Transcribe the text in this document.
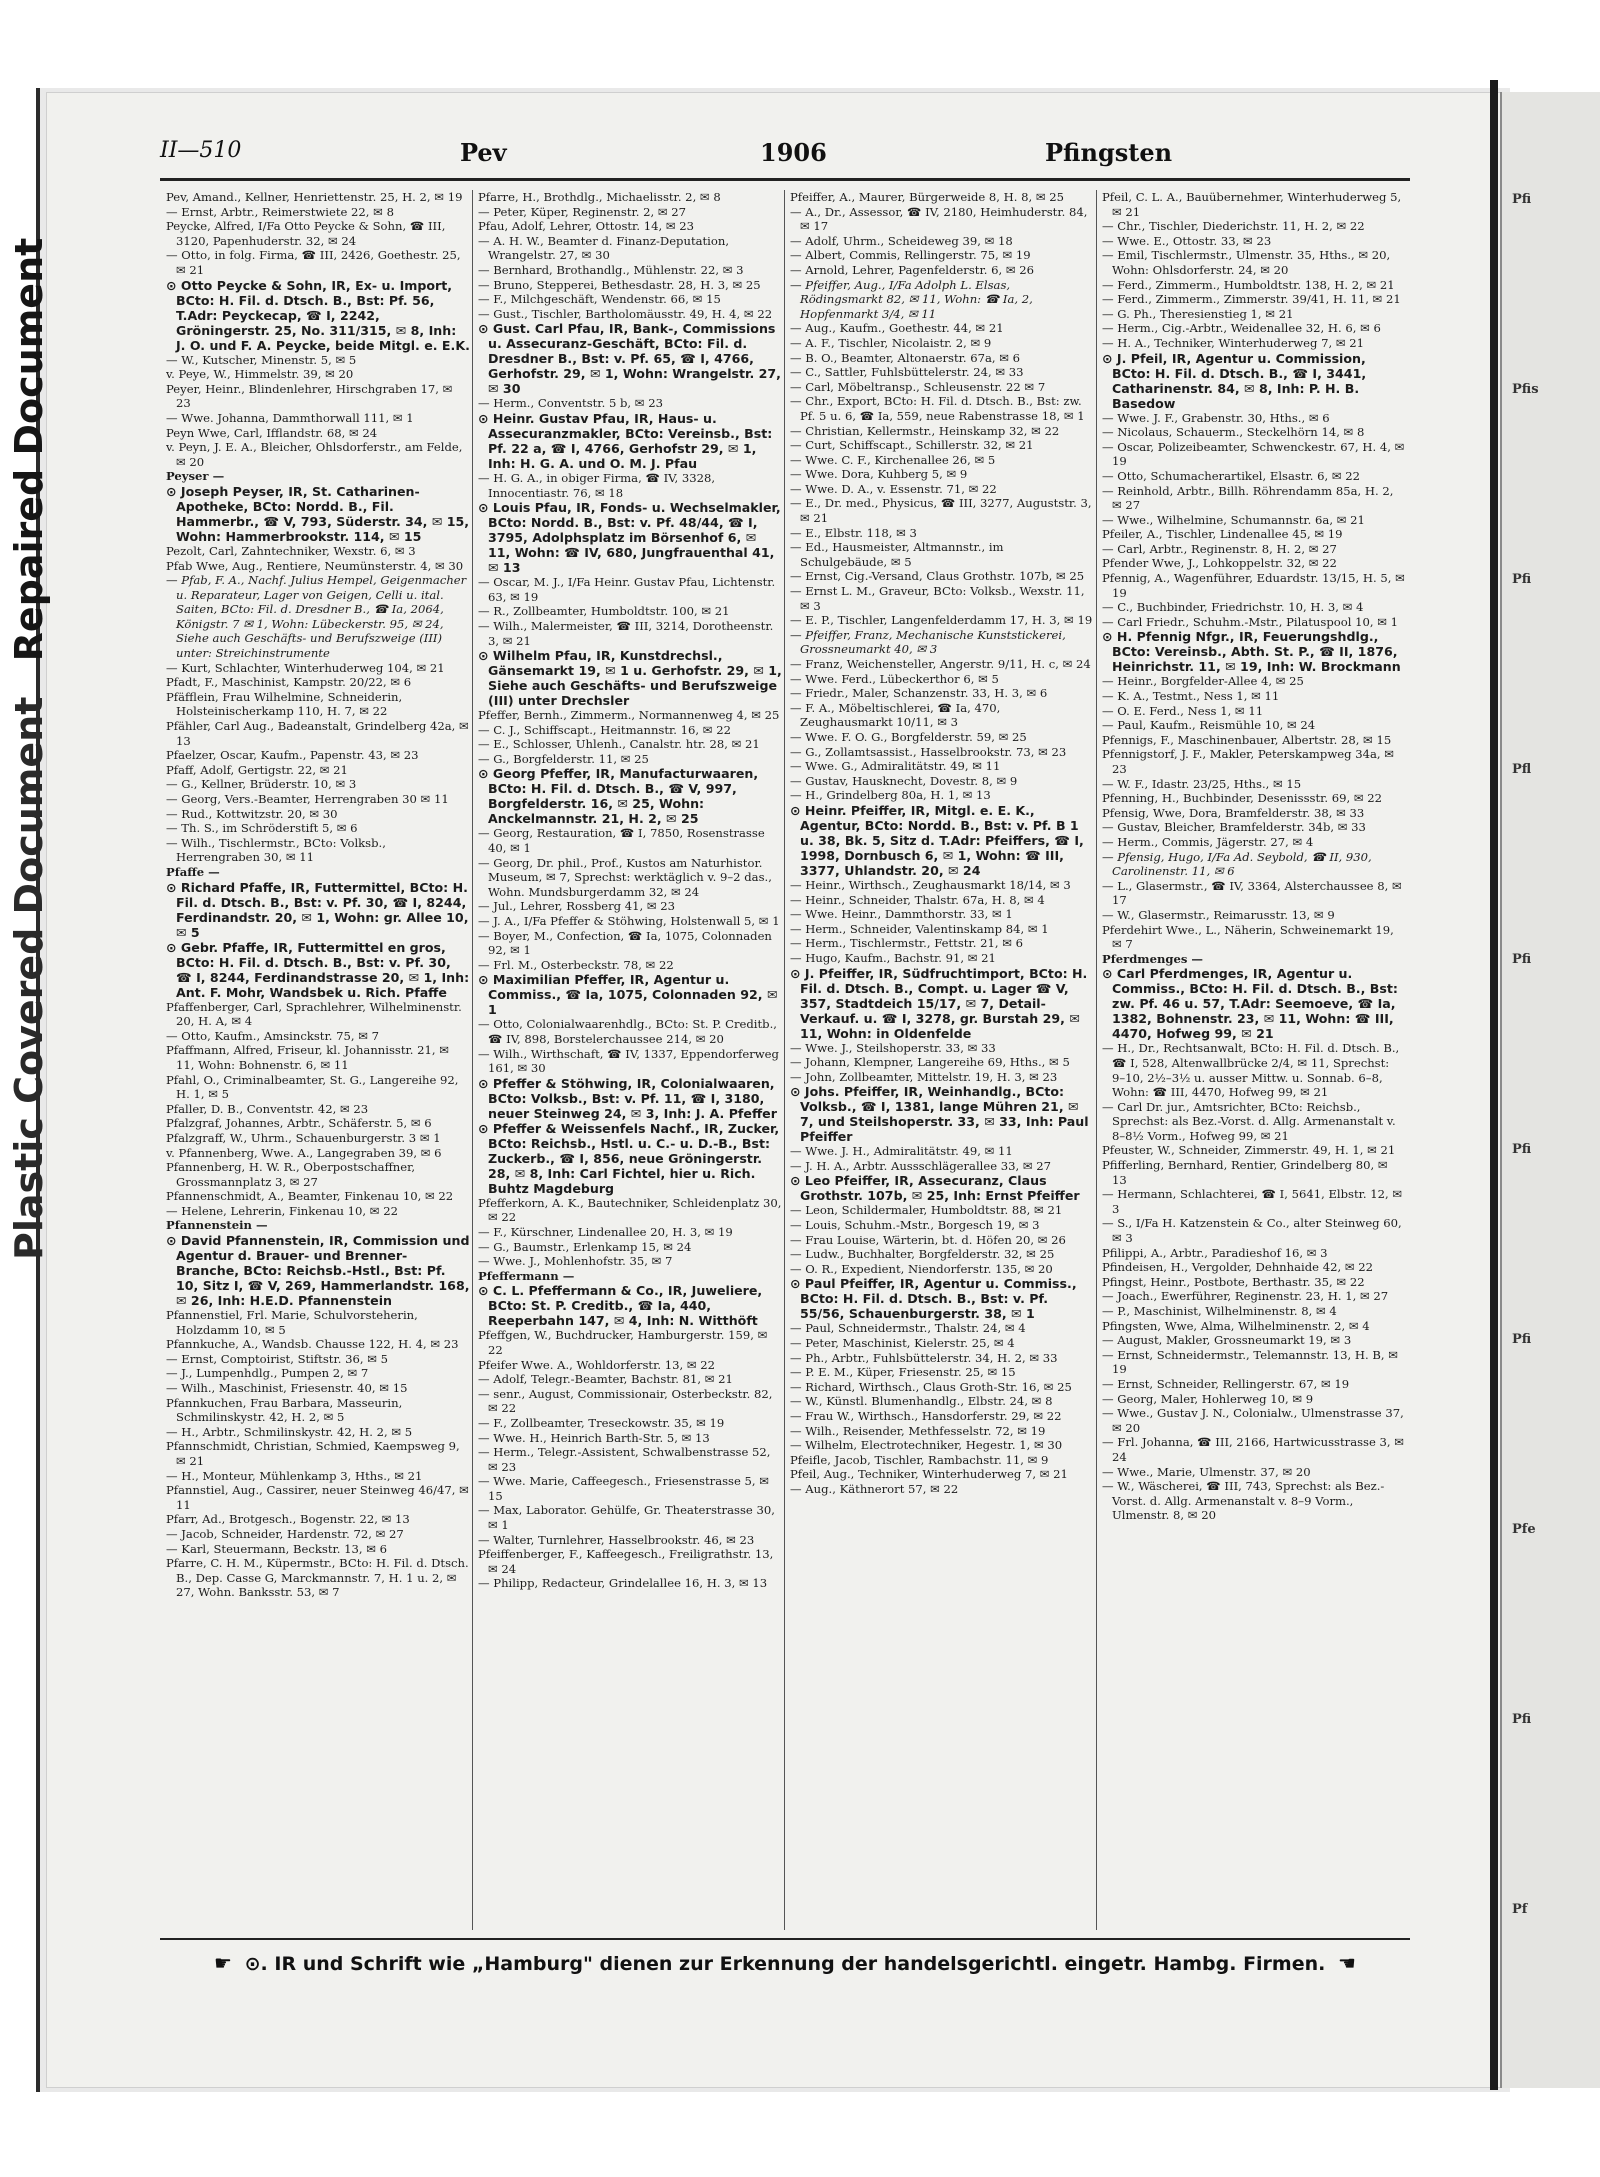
Pfi
Pfis
Pfi
Pfl
Pfi
Pfi
Pfi
Pfe
Pfi
Pf
Plastic Covered Document Repaired Document
II—510	Pev	1906	Pfingsten

Pev, Amand., Kellner, Henriettenstr. 25, H. 2, ✉ 19

— Ernst, Arbtr., Reimerstwiete 22, ✉ 8

Peycke, Alfred, I/Fa Otto Peycke & Sohn, ☎ III, 3120, Papenhuderstr. 32, ✉ 24

— Otto, in folg. Firma, ☎ III, 2426, Goethestr. 25, ✉ 21

⊙ Otto Peycke & Sohn, IR, Ex- u. Import, BCto: H. Fil. d. Dtsch. B., Bst: Pf. 56, T.Adr: Peyckecap, ☎ I, 2242, Gröningerstr. 25, No. 311/315, ✉ 8, Inh: J. O. und F. A. Peycke, beide Mitgl. e. E.K.

— W., Kutscher, Minenstr. 5, ✉ 5

v. Peye, W., Himmelstr. 39, ✉ 20

Peyer, Heinr., Blindenlehrer, Hirschgraben 17, ✉ 23

— Wwe. Johanna, Dammthorwall 111, ✉ 1

Peyn Wwe, Carl, Ifflandstr. 68, ✉ 24

v. Peyn, J. E. A., Bleicher, Ohlsdorferstr., am Felde, ✉ 20

Peyser —

⊙ Joseph Peyser, IR, St. Catharinen-Apotheke, BCto: Nordd. B., Fil. Hammerbr., ☎ V, 793, Süderstr. 34, ✉ 15, Wohn: Hammerbrookstr. 114, ✉ 15

Pezolt, Carl, Zahntechniker, Wexstr. 6, ✉ 3

Pfab Wwe, Aug., Rentiere, Neumünsterstr. 4, ✉ 30

— Pfab, F. A., Nachf. Julius Hempel, Geigenmacher u. Reparateur, Lager von Geigen, Celli u. ital. Saiten, BCto: Fil. d. Dresdner B., ☎ Ia, 2064, Königstr. 7 ✉ 1, Wohn: Lübeckerstr. 95, ✉ 24, Siehe auch Geschäfts- und Berufszweige (III) unter: Streichinstrumente

— Kurt, Schlachter, Winterhuderweg 104, ✉ 21

Pfadt, F., Maschinist, Kampstr. 20/22, ✉ 6

Pfäfflein, Frau Wilhelmine, Schneiderin, Holsteinischerkamp 110, H. 7, ✉ 22

Pfähler, Carl Aug., Badeanstalt, Grindelberg 42a, ✉ 13

Pfaelzer, Oscar, Kaufm., Papenstr. 43, ✉ 23

Pfaff, Adolf, Gertigstr. 22, ✉ 21

— G., Kellner, Brüderstr. 10, ✉ 3

— Georg, Vers.-Beamter, Herrengraben 30 ✉ 11

— Rud., Kottwitzstr. 20, ✉ 30

— Th. S., im Schröderstift 5, ✉ 6

— Wilh., Tischlermstr., BCto: Volksb., Herrengraben 30, ✉ 11

Pfaffe —

⊙ Richard Pfaffe, IR, Futtermittel, BCto: H. Fil. d. Dtsch. B., Bst: v. Pf. 30, ☎ I, 8244, Ferdinandstr. 20, ✉ 1, Wohn: gr. Allee 10, ✉ 5

⊙ Gebr. Pfaffe, IR, Futtermittel en gros, BCto: H. Fil. d. Dtsch. B., Bst: v. Pf. 30, ☎ I, 8244, Ferdinandstrasse 20, ✉ 1, Inh: Ant. F. Mohr, Wandsbek u. Rich. Pfaffe

Pfaffenberger, Carl, Sprachlehrer, Wilhelminenstr. 20, H. A, ✉ 4

— Otto, Kaufm., Amsinckstr. 75, ✉ 7

Pfaffmann, Alfred, Friseur, kl. Johannisstr. 21, ✉ 11, Wohn: Bohnenstr. 6, ✉ 11

Pfahl, O., Criminalbeamter, St. G., Langereihe 92, H. 1, ✉ 5

Pfaller, D. B., Conventstr. 42, ✉ 23

Pfalzgraf, Johannes, Arbtr., Schäferstr. 5, ✉ 6

Pfalzgraff, W., Uhrm., Schauenburgerstr. 3 ✉ 1

v. Pfannenberg, Wwe. A., Langegraben 39, ✉ 6

Pfannenberg, H. W. R., Oberpostschaffner, Grossmannplatz 3, ✉ 27

Pfannenschmidt, A., Beamter, Finkenau 10, ✉ 22

— Helene, Lehrerin, Finkenau 10, ✉ 22

Pfannenstein —

⊙ David Pfannenstein, IR, Commission und Agentur d. Brauer- und Brenner-Branche, BCto: Reichsb.-Hstl., Bst: Pf. 10, Sitz I, ☎ V, 269, Hammerlandstr. 168, ✉ 26, Inh: H.E.D. Pfannenstein

Pfannenstiel, Frl. Marie, Schulvorsteherin, Holzdamm 10, ✉ 5

Pfannkuche, A., Wandsb. Chausse 122, H. 4, ✉ 23

— Ernst, Comptoirist, Stiftstr. 36, ✉ 5

— J., Lumpenhdlg., Pumpen 2, ✉ 7

— Wilh., Maschinist, Friesenstr. 40, ✉ 15

Pfannkuchen, Frau Barbara, Masseurin, Schmilinskystr. 42, H. 2, ✉ 5

— H., Arbtr., Schmilinskystr. 42, H. 2, ✉ 5

Pfannschmidt, Christian, Schmied, Kaempsweg 9, ✉ 21

— H., Monteur, Mühlenkamp 3, Hths., ✉ 21

Pfannstiel, Aug., Cassirer, neuer Steinweg 46/47, ✉ 11

Pfarr, Ad., Brotgesch., Bogenstr. 22, ✉ 13

— Jacob, Schneider, Hardenstr. 72, ✉ 27

— Karl, Steuermann, Beckstr. 13, ✉ 6

Pfarre, C. H. M., Küpermstr., BCto: H. Fil. d. Dtsch. B., Dep. Casse G, Marckmannstr. 7, H. 1 u. 2, ✉ 27, Wohn. Banksstr. 53, ✉ 7

Pfarre, H., Brothdlg., Michaelisstr. 2, ✉ 8

— Peter, Küper, Reginenstr. 2, ✉ 27

Pfau, Adolf, Lehrer, Ottostr. 14, ✉ 23

— A. H. W., Beamter d. Finanz-Deputation, Wrangelstr. 27, ✉ 30

— Bernhard, Brothandlg., Mühlenstr. 22, ✉ 3

— Bruno, Stepperei, Bethesdastr. 28, H. 3, ✉ 25

— F., Milchgeschäft, Wendenstr. 66, ✉ 15

— Gust., Tischler, Bartholomäusstr. 49, H. 4, ✉ 22

⊙ Gust. Carl Pfau, IR, Bank-, Commissions u. Assecuranz-Geschäft, BCto: Fil. d. Dresdner B., Bst: v. Pf. 65, ☎ I, 4766, Gerhofstr. 29, ✉ 1, Wohn: Wrangelstr. 27, ✉ 30

— Herm., Conventstr. 5 b, ✉ 23

⊙ Heinr. Gustav Pfau, IR, Haus- u. Assecuranzmakler, BCto: Vereinsb., Bst: Pf. 22 a, ☎ I, 4766, Gerhofstr 29, ✉ 1, Inh: H. G. A. und O. M. J. Pfau

— H. G. A., in obiger Firma, ☎ IV, 3328, Innocentiastr. 76, ✉ 18

⊙ Louis Pfau, IR, Fonds- u. Wechselmakler, BCto: Nordd. B., Bst: v. Pf. 48/44, ☎ I, 3795, Adolphsplatz im Börsenhof 6, ✉ 11, Wohn: ☎ IV, 680, Jungfrauenthal 41, ✉ 13

— Oscar, M. J., I/Fa Heinr. Gustav Pfau, Lichtenstr. 63, ✉ 19

— R., Zollbeamter, Humboldtstr. 100, ✉ 21

— Wilh., Malermeister, ☎ III, 3214, Dorotheenstr. 3, ✉ 21

⊙ Wilhelm Pfau, IR, Kunstdrechsl., Gänsemarkt 19, ✉ 1 u. Gerhofstr. 29, ✉ 1, Siehe auch Geschäfts- und Berufszweige (III) unter Drechsler

Pfeffer, Bernh., Zimmerm., Normannenweg 4, ✉ 25

— C. J., Schiffscapt., Heitmannstr. 16, ✉ 22

— E., Schlosser, Uhlenh., Canalstr. htr. 28, ✉ 21

— G., Borgfelderstr. 11, ✉ 25

⊙ Georg Pfeffer, IR, Manufacturwaaren, BCto: H. Fil. d. Dtsch. B., ☎ V, 997, Borgfelderstr. 16, ✉ 25, Wohn: Anckelmannstr. 21, H. 2, ✉ 25

— Georg, Restauration, ☎ I, 7850, Rosenstrasse 40, ✉ 1

— Georg, Dr. phil., Prof., Kustos am Naturhistor. Museum, ✉ 7, Sprechst: werktäglich v. 9–2 das., Wohn. Mundsburgerdamm 32, ✉ 24

— Jul., Lehrer, Rossberg 41, ✉ 23

— J. A., I/Fa Pfeffer & Stöhwing, Holstenwall 5, ✉ 1

— Boyer, M., Confection, ☎ Ia, 1075, Colonnaden 92, ✉ 1

— Frl. M., Osterbeckstr. 78, ✉ 22

⊙ Maximilian Pfeffer, IR, Agentur u. Commiss., ☎ Ia, 1075, Colonnaden 92, ✉ 1

— Otto, Colonialwaarenhdlg., BCto: St. P. Creditb., ☎ IV, 898, Borstelerchaussee 214, ✉ 20

— Wilh., Wirthschaft, ☎ IV, 1337, Eppendorferweg 161, ✉ 30

⊙ Pfeffer & Stöhwing, IR, Colonialwaaren, BCto: Volksb., Bst: v. Pf. 11, ☎ I, 3180, neuer Steinweg 24, ✉ 3, Inh: J. A. Pfeffer

⊙ Pfeffer & Weissenfels Nachf., IR, Zucker, BCto: Reichsb., Hstl. u. C.- u. D.-B., Bst: Zuckerb., ☎ I, 856, neue Gröningerstr. 28, ✉ 8, Inh: Carl Fichtel, hier u. Rich. Buhtz Magdeburg

Pfefferkorn, A. K., Bautechniker, Schleidenplatz 30, ✉ 22

— F., Kürschner, Lindenallee 20, H. 3, ✉ 19

— G., Baumstr., Erlenkamp 15, ✉ 24

— Wwe. J., Mohlenhofstr. 35, ✉ 7

Pfeffermann —

⊙ C. L. Pfeffermann & Co., IR, Juweliere, BCto: St. P. Creditb., ☎ Ia, 440, Reeperbahn 147, ✉ 4, Inh: N. Witthöft

Pfeffgen, W., Buchdrucker, Hamburgerstr. 159, ✉ 22

Pfeifer Wwe. A., Wohldorferstr. 13, ✉ 22

— Adolf, Telegr.-Beamter, Bachstr. 81, ✉ 21

— senr., August, Commissionair, Osterbeckstr. 82, ✉ 22

— F., Zollbeamter, Treseckowstr. 35, ✉ 19

— Wwe. H., Heinrich Barth-Str. 5, ✉ 13

— Herm., Telegr.-Assistent, Schwalbenstrasse 52, ✉ 23

— Wwe. Marie, Caffeegesch., Friesenstrasse 5, ✉ 15

— Max, Laborator. Gehülfe, Gr. Theaterstrasse 30, ✉ 1

— Walter, Turnlehrer, Hasselbrookstr. 46, ✉ 23

Pfeiffenberger, F., Kaffeegesch., Freiligrathstr. 13, ✉ 24

— Philipp, Redacteur, Grindelallee 16, H. 3, ✉ 13

Pfeiffer, A., Maurer, Bürgerweide 8, H. 8, ✉ 25

— A., Dr., Assessor, ☎ IV, 2180, Heimhuderstr. 84, ✉ 17

— Adolf, Uhrm., Scheideweg 39, ✉ 18

— Albert, Commis, Rellingerstr. 75, ✉ 19

— Arnold, Lehrer, Pagenfelderstr. 6, ✉ 26

— Pfeiffer, Aug., I/Fa Adolph L. Elsas, Rödingsmarkt 82, ✉ 11, Wohn: ☎ Ia, 2, Hopfenmarkt 3/4, ✉ 11

— Aug., Kaufm., Goethestr. 44, ✉ 21

— A. F., Tischler, Nicolaistr. 2, ✉ 9

— B. O., Beamter, Altonaerstr. 67a, ✉ 6

— C., Sattler, Fuhlsbüttelerstr. 24, ✉ 33

— Carl, Möbeltransp., Schleusenstr. 22 ✉ 7

— Chr., Export, BCto: H. Fil. d. Dtsch. B., Bst: zw. Pf. 5 u. 6, ☎ Ia, 559, neue Rabenstrasse 18, ✉ 1

— Christian, Kellermstr., Heinskamp 32, ✉ 22

— Curt, Schiffscapt., Schillerstr. 32, ✉ 21

— Wwe. C. F., Kirchenallee 26, ✉ 5

— Wwe. Dora, Kuhberg 5, ✉ 9

— Wwe. D. A., v. Essenstr. 71, ✉ 22

— E., Dr. med., Physicus, ☎ III, 3277, Auguststr. 3, ✉ 21

— E., Elbstr. 118, ✉ 3

— Ed., Hausmeister, Altmannstr., im Schulgebäude, ✉ 5

— Ernst, Cig.-Versand, Claus Grothstr. 107b, ✉ 25

— Ernst L. M., Graveur, BCto: Volksb., Wexstr. 11, ✉ 3

— E. P., Tischler, Langenfelderdamm 17, H. 3, ✉ 19

— Pfeiffer, Franz, Mechanische Kunststickerei, Grossneumarkt 40, ✉ 3

— Franz, Weichensteller, Angerstr. 9/11, H. c, ✉ 24

— Wwe. Ferd., Lübeckerthor 6, ✉ 5

— Friedr., Maler, Schanzenstr. 33, H. 3, ✉ 6

— F. A., Möbeltischlerei, ☎ Ia, 470, Zeughausmarkt 10/11, ✉ 3

— Wwe. F. O. G., Borgfelderstr. 59, ✉ 25

— G., Zollamtsassist., Hasselbrookstr. 73, ✉ 23

— Wwe. G., Admiralitätstr. 49, ✉ 11

— Gustav, Hausknecht, Dovestr. 8, ✉ 9

— H., Grindelberg 80a, H. 1, ✉ 13

⊙ Heinr. Pfeiffer, IR, Mitgl. e. E. K., Agentur, BCto: Nordd. B., Bst: v. Pf. B 1 u. 38, Bk. 5, Sitz d. T.Adr: Pfeiffers, ☎ I, 1998, Dornbusch 6, ✉ 1, Wohn: ☎ III, 3377, Uhlandstr. 20, ✉ 24

— Heinr., Wirthsch., Zeughausmarkt 18/14, ✉ 3

— Heinr., Schneider, Thalstr. 67a, H. 8, ✉ 4

— Wwe. Heinr., Dammthorstr. 33, ✉ 1

— Herm., Schneider, Valentinskamp 84, ✉ 1

— Herm., Tischlermstr., Fettstr. 21, ✉ 6

— Hugo, Kaufm., Bachstr. 91, ✉ 21

⊙ J. Pfeiffer, IR, Südfruchtimport, BCto: H. Fil. d. Dtsch. B., Compt. u. Lager ☎ V, 357, Stadtdeich 15/17, ✉ 7, Detail-Verkauf. u. ☎ I, 3278, gr. Burstah 29, ✉ 11, Wohn: in Oldenfelde

— Wwe. J., Steilshoperstr. 33, ✉ 33

— Johann, Klempner, Langereihe 69, Hths., ✉ 5

— John, Zollbeamter, Mittelstr. 19, H. 3, ✉ 23

⊙ Johs. Pfeiffer, IR, Weinhandlg., BCto: Volksb., ☎ I, 1381, lange Mühren 21, ✉ 7, und Steilshoperstr. 33, ✉ 33, Inh: Paul Pfeiffer

— Wwe. J. H., Admiralitätstr. 49, ✉ 11

— J. H. A., Arbtr. Aussschlägerallee 33, ✉ 27

⊙ Leo Pfeiffer, IR, Assecuranz, Claus Grothstr. 107b, ✉ 25, Inh: Ernst Pfeiffer

— Leon, Schildermaler, Humboldtstr. 88, ✉ 21

— Louis, Schuhm.-Mstr., Borgesch 19, ✉ 3

— Frau Louise, Wärterin, bt. d. Höfen 20, ✉ 26

— Ludw., Buchhalter, Borgfelderstr. 32, ✉ 25

— O. R., Expedient, Niendorferstr. 135, ✉ 20

⊙ Paul Pfeiffer, IR, Agentur u. Commiss., BCto: H. Fil. d. Dtsch. B., Bst: v. Pf. 55/56, Schauenburgerstr. 38, ✉ 1

— Paul, Schneidermstr., Thalstr. 24, ✉ 4

— Peter, Maschinist, Kielerstr. 25, ✉ 4

— Ph., Arbtr., Fuhlsbüttelerstr. 34, H. 2, ✉ 33

— P. E. M., Küper, Friesenstr. 25, ✉ 15

— Richard, Wirthsch., Claus Groth-Str. 16, ✉ 25

— W., Künstl. Blumenhandlg., Elbstr. 24, ✉ 8

— Frau W., Wirthsch., Hansdorferstr. 29, ✉ 22

— Wilh., Reisender, Methfesselstr. 72, ✉ 19

— Wilhelm, Electrotechniker, Hegestr. 1, ✉ 30

Pfeifle, Jacob, Tischler, Rambachstr. 11, ✉ 9

Pfeil, Aug., Techniker, Winterhuderweg 7, ✉ 21

— Aug., Käthnerort 57, ✉ 22

Pfeil, C. L. A., Bauübernehmer, Winterhuderweg 5, ✉ 21

— Chr., Tischler, Diederichstr. 11, H. 2, ✉ 22

— Wwe. E., Ottostr. 33, ✉ 23

— Emil, Tischlermstr., Ulmenstr. 35, Hths., ✉ 20, Wohn: Ohlsdorferstr. 24, ✉ 20

— Ferd., Zimmerm., Humboldtstr. 138, H. 2, ✉ 21

— Ferd., Zimmerm., Zimmerstr. 39/41, H. 11, ✉ 21

— G. Ph., Theresienstieg 1, ✉ 21

— Herm., Cig.-Arbtr., Weidenallee 32, H. 6, ✉ 6

— H. A., Techniker, Winterhuderweg 7, ✉ 21

⊙ J. Pfeil, IR, Agentur u. Commission, BCto: H. Fil. d. Dtsch. B., ☎ I, 3441, Catharinenstr. 84, ✉ 8, Inh: P. H. B. Basedow

— Wwe. J. F., Grabenstr. 30, Hths., ✉ 6

— Nicolaus, Schauerm., Steckelhörn 14, ✉ 8

— Oscar, Polizeibeamter, Schwenckestr. 67, H. 4, ✉ 19

— Otto, Schumacherartikel, Elsastr. 6, ✉ 22

— Reinhold, Arbtr., Billh. Röhrendamm 85a, H. 2, ✉ 27

— Wwe., Wilhelmine, Schumannstr. 6a, ✉ 21

Pfeiler, A., Tischler, Lindenallee 45, ✉ 19

— Carl, Arbtr., Reginenstr. 8, H. 2, ✉ 27

Pfender Wwe, J., Lohkoppelstr. 32, ✉ 22

Pfennig, A., Wagenführer, Eduardstr. 13/15, H. 5, ✉ 19

— C., Buchbinder, Friedrichstr. 10, H. 3, ✉ 4

— Carl Friedr., Schuhm.-Mstr., Pilatuspool 10, ✉ 1

⊙ H. Pfennig Nfgr., IR, Feuerungshdlg., BCto: Vereinsb., Abth. St. P., ☎ II, 1876, Heinrichstr. 11, ✉ 19, Inh: W. Brockmann

— Heinr., Borgfelder-Allee 4, ✉ 25

— K. A., Testmt., Ness 1, ✉ 11

— O. E. Ferd., Ness 1, ✉ 11

— Paul, Kaufm., Reismühle 10, ✉ 24

Pfennigs, F., Maschinenbauer, Albertstr. 28, ✉ 15

Pfennigstorf, J. F., Makler, Peterskampweg 34a, ✉ 23

— W. F., Idastr. 23/25, Hths., ✉ 15

Pfenning, H., Buchbinder, Desenissstr. 69, ✉ 22

Pfensig, Wwe, Dora, Bramfelderstr. 38, ✉ 33

— Gustav, Bleicher, Bramfelderstr. 34b, ✉ 33

— Herm., Commis, Jägerstr. 27, ✉ 4

— Pfensig, Hugo, I/Fa Ad. Seybold, ☎ II, 930, Carolinenstr. 11, ✉ 6

— L., Glasermstr., ☎ IV, 3364, Alsterchaussee 8, ✉ 17

— W., Glasermstr., Reimarusstr. 13, ✉ 9

Pferdehirt Wwe., L., Näherin, Schweinemarkt 19, ✉ 7

Pferdmenges —

⊙ Carl Pferdmenges, IR, Agentur u. Commiss., BCto: H. Fil. d. Dtsch. B., Bst: zw. Pf. 46 u. 57, T.Adr: Seemoeve, ☎ Ia, 1382, Bohnenstr. 23, ✉ 11, Wohn: ☎ III, 4470, Hofweg 99, ✉ 21

— H., Dr., Rechtsanwalt, BCto: H. Fil. d. Dtsch. B., ☎ I, 528, Altenwallbrücke 2/4, ✉ 11, Sprechst: 9–10, 2½–3½ u. ausser Mittw. u. Sonnab. 6–8, Wohn: ☎ III, 4470, Hofweg 99, ✉ 21

— Carl Dr. jur., Amtsrichter, BCto: Reichsb., Sprechst: als Bez.-Vorst. d. Allg. Armenanstalt v. 8–8½ Vorm., Hofweg 99, ✉ 21

Pfeuster, W., Schneider, Zimmerstr. 49, H. 1, ✉ 21

Pfifferling, Bernhard, Rentier, Grindelberg 80, ✉ 13

— Hermann, Schlachterei, ☎ I, 5641, Elbstr. 12, ✉ 3

— S., I/Fa H. Katzenstein & Co., alter Steinweg 60, ✉ 3

Pfilippi, A., Arbtr., Paradieshof 16, ✉ 3

Pfindeisen, H., Vergolder, Dehnhaide 42, ✉ 22

Pfingst, Heinr., Postbote, Berthastr. 35, ✉ 22

— Joach., Ewerführer, Reginenstr. 23, H. 1, ✉ 27

— P., Maschinist, Wilhelminenstr. 8, ✉ 4

Pfingsten, Wwe, Alma, Wilhelminenstr. 2, ✉ 4

— August, Makler, Grossneumarkt 19, ✉ 3

— Ernst, Schneidermstr., Telemannstr. 13, H. B, ✉ 19

— Ernst, Schneider, Rellingerstr. 67, ✉ 19

— Georg, Maler, Hohlerweg 10, ✉ 9

— Wwe., Gustav J. N., Colonialw., Ulmenstrasse 37, ✉ 20

— Frl. Johanna, ☎ III, 2166, Hartwicusstrasse 3, ✉ 24

— Wwe., Marie, Ulmenstr. 37, ✉ 20

— W., Wäscherei, ☎ III, 743, Sprechst: als Bez.-Vorst. d. Allg. Armenanstalt v. 8–9 Vorm., Ulmenstr. 8, ✉ 20

☛ ⊙. IR und Schrift wie „Hamburg" dienen zur Erkennung der handelsgerichtl. eingetr. Hambg. Firmen. ☚
